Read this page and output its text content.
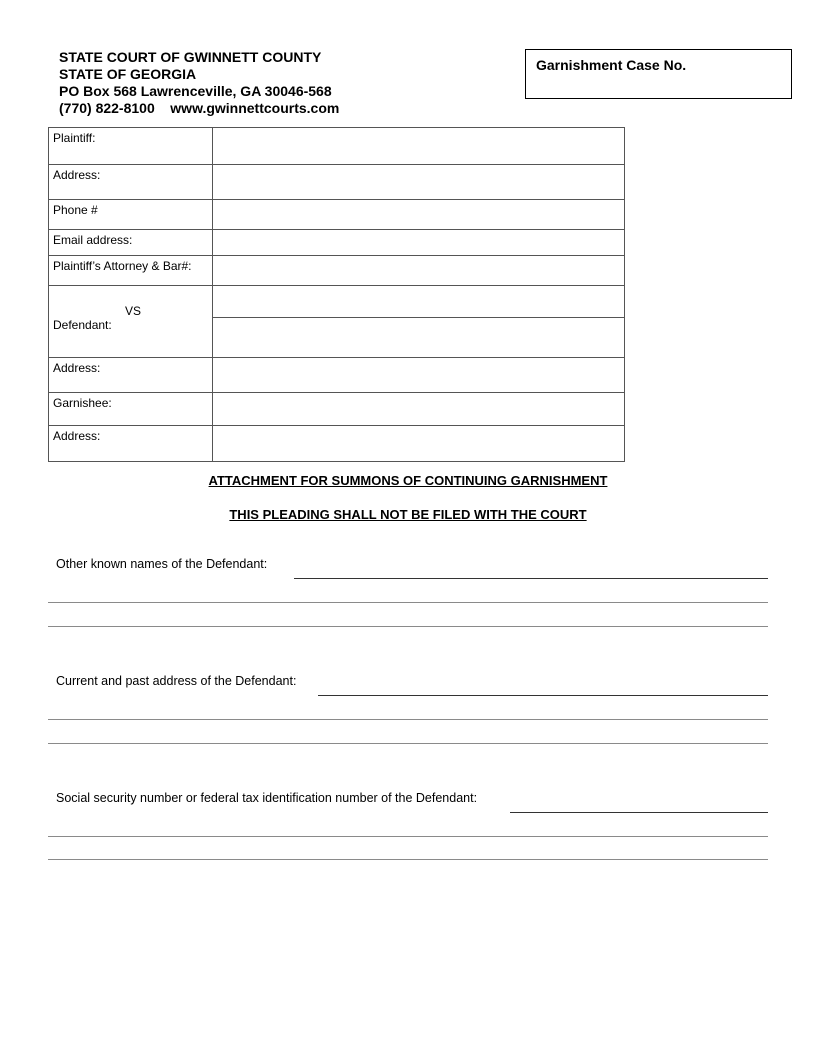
STATE COURT OF GWINNETT COUNTY
STATE OF GEORGIA
PO Box 568 Lawrenceville, GA 30046-568
(770) 822-8100    www.gwinnettcourts.com
Garnishment Case No.
Plaintiff:	
Address:	
Phone #	
Email address:	
Plaintiff’s Attorney & Bar#:	

VS
Defendant:	

Address:	
Garnishee:	
Address:	
ATTACHMENT FOR SUMMONS OF CONTINUING GARNISHMENT
THIS PLEADING SHALL NOT BE FILED WITH THE COURT
Other known names of the Defendant:
Current and past address of the Defendant:
Social security number or federal tax identification number of the Defendant:
